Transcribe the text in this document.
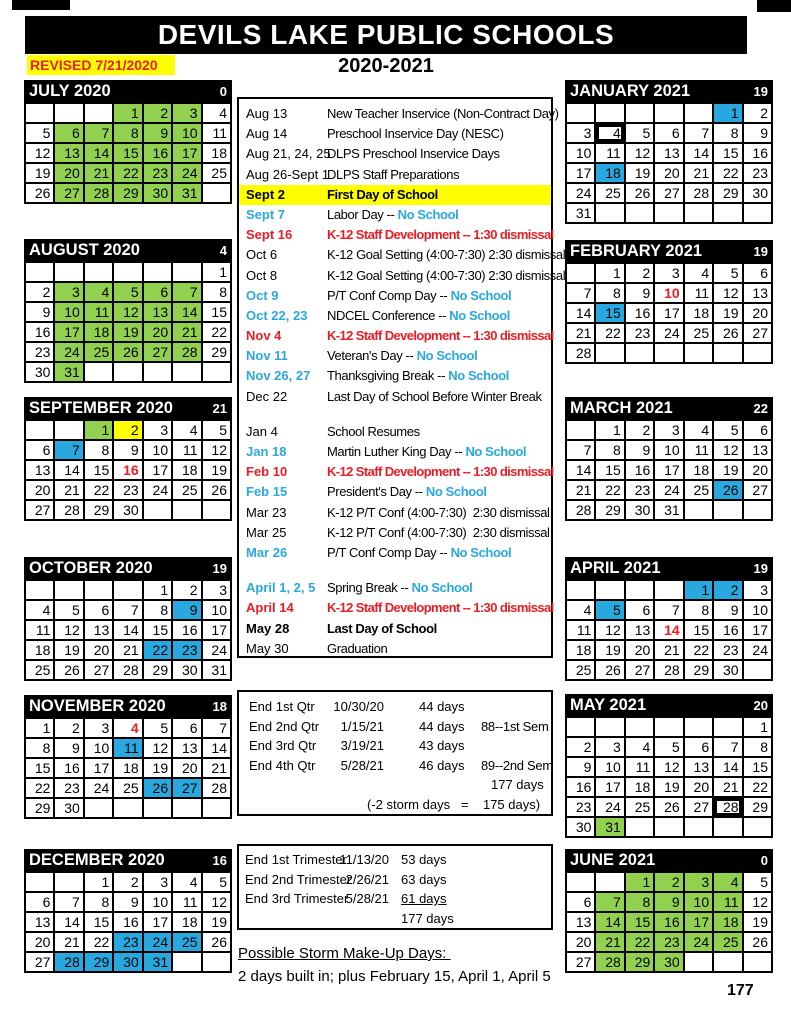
DEVILS LAKE PUBLIC SCHOOLS
2020-2021
REVISED 7/21/2020
JULY 2020	0
			1	2	3	4
5	6	7	8	9	10	11
12	13	14	15	16	17	18
19	20	21	22	23	24	25
26	27	28	29	30	31	
AUGUST 2020	4
						1
2	3	4	5	6	7	8
9	10	11	12	13	14	15
16	17	18	19	20	21	22
23	24	25	26	27	28	29
30	31					
SEPTEMBER 2020	21
		1	2	3	4	5
6	7	8	9	10	11	12
13	14	15	16	17	18	19
20	21	22	23	24	25	26
27	28	29	30			
OCTOBER 2020	19
				1	2	3
4	5	6	7	8	9	10
11	12	13	14	15	16	17
18	19	20	21	22	23	24
25	26	27	28	29	30	31
NOVEMBER 2020	18
1	2	3	4	5	6	7
8	9	10	11	12	13	14
15	16	17	18	19	20	21
22	23	24	25	26	27	28
29	30					
DECEMBER 2020	16
		1	2	3	4	5
6	7	8	9	10	11	12
13	14	15	16	17	18	19
20	21	22	23	24	25	26
27	28	29	30	31		
JANUARY 2021	19
					1	2
3	4	5	6	7	8	9
10	11	12	13	14	15	16
17	18	19	20	21	22	23
24	25	26	27	28	29	30
31						
FEBRUARY 2021	19
	1	2	3	4	5	6
7	8	9	10	11	12	13
14	15	16	17	18	19	20
21	22	23	24	25	26	27
28						
MARCH 2021	22
	1	2	3	4	5	6
7	8	9	10	11	12	13
14	15	16	17	18	19	20
21	22	23	24	25	26	27
28	29	30	31			
APRIL 2021	19
				1	2	3
4	5	6	7	8	9	10
11	12	13	14	15	16	17
18	19	20	21	22	23	24
25	26	27	28	29	30	
MAY 2021	20
						1
2	3	4	5	6	7	8
9	10	11	12	13	14	15
16	17	18	19	20	21	22
23	24	25	26	27	28	29
30	31					
JUNE 2021	0
		1	2	3	4	5
6	7	8	9	10	11	12
13	14	15	16	17	18	19
20	21	22	23	24	25	26
27	28	29	30			
Aug 13	New Teacher Inservice (Non-Contract Day)
Aug 14	Preschool Inservice Day (NESC)
Aug 21, 24, 25
DLPS Preschool Inservice Days
Aug 26-Sept 1
DLPS Staff Preparations
Sept 2	First Day of School
Sept 7	Labor Day -- No School
Sept 16	K-12 Staff Development -- 1:30 dismissal
Oct 6	K-12 Goal Setting (4:00-7:30) 2:30 dismissal
Oct 8	K-12 Goal Setting (4:00-7:30) 2:30 dismissal
Oct 9	P/T Conf Comp Day -- No School
Oct 22, 23 NDCEL Conference -- No School
Nov 4	K-12 Staff Development -- 1:30 dismissal
Nov 11	Veteran's Day -- No School
Nov 26, 27 Thanksgiving Break -- No School
Dec 22	Last Day of School Before Winter Break
Jan 4	School Resumes
Jan 18	Martin Luther King Day -- No School
Feb 10	K-12 Staff Development -- 1:30 dismissal
Feb 15	President's Day -- No School
Mar 23	K-12 P/T Conf (4:00-7:30)  2:30 dismissal
Mar 25	K-12 P/T Conf (4:00-7:30)  2:30 dismissal
Mar 26	P/T Conf Comp Day -- No School
April 1, 2, 5 Spring Break -- No School
April 14	K-12 Staff Development -- 1:30 dismissal
May 28	Last Day of School
May 30	Graduation
End 1st Qtr	10/30/20	44 days
End 2nd Qtr	1/15/21	44 days 88--1st Sem
End 3rd Qtr	3/19/21	43 days
End 4th Qtr	5/28/21	46 days 89--2nd Sem
177 days
(-2 storm days   =    175 days)
End 1st Trimester
11/13/20 53 days
End 2nd Trimester
2/26/21 63 days
End 3rd Trimester
5/28/21 61 days
177 days
Possible Storm Make-Up Days:
2 days built in; plus February 15, April 1, April 5
177
